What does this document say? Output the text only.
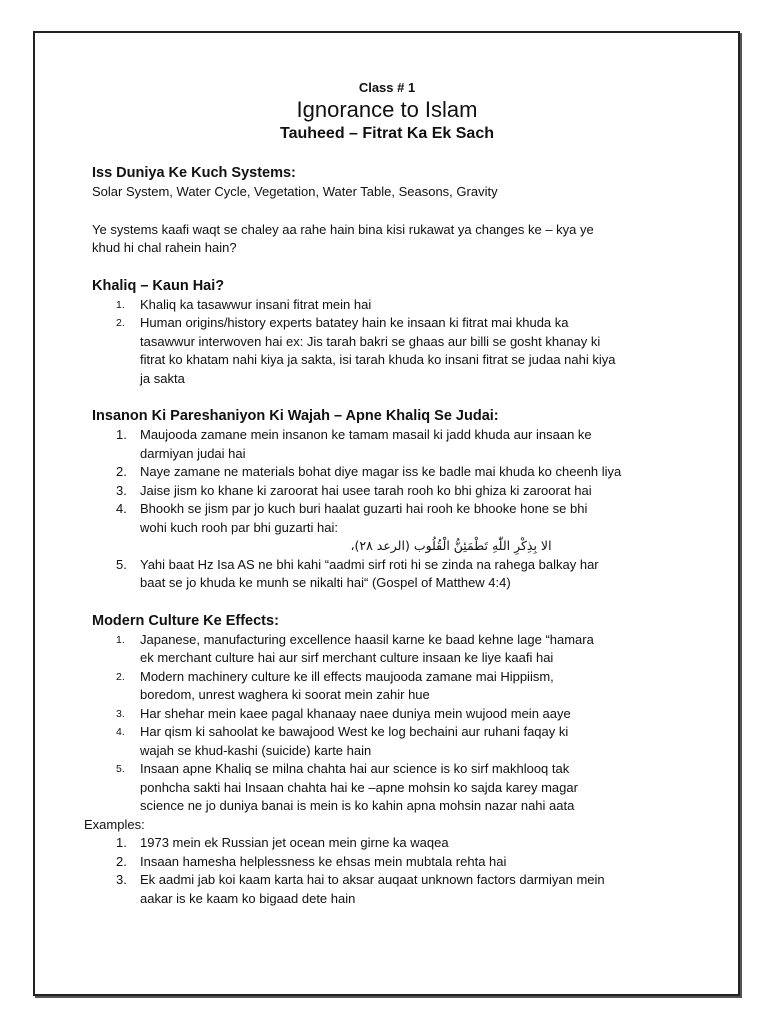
Class # 1
Ignorance to Islam
Tauheed – Fitrat Ka Ek Sach
Iss Duniya Ke Kuch Systems:
Solar System, Water Cycle, Vegetation, Water Table, Seasons, Gravity
Ye systems kaafi waqt se chaley aa rahe hain bina kisi rukawat ya changes ke – kya ye
khud hi chal rahein hain?
Khaliq – Kaun Hai?
1. Khaliq ka tasawwur insani fitrat mein hai
2. Human origins/history experts batatey hain ke insaan ki fitrat mai khuda ka
tasawwur interwoven hai ex: Jis tarah bakri se ghaas aur billi se gosht khanay ki
fitrat ko khatam nahi kiya ja sakta, isi tarah khuda ko insani fitrat se judaa nahi kiya
ja sakta
Insanon Ki Pareshaniyon Ki Wajah – Apne Khaliq Se Judai:
1. Maujooda zamane mein insanon ke tamam masail ki jadd khuda aur insaan ke
darmiyan judai hai
2. Naye zamane ne materials bohat diye magar iss ke badle mai khuda ko cheenh liya
3. Jaise jism ko khane ki zaroorat hai usee tarah rooh ko bhi ghiza ki zaroorat hai
4. Bhookh se jism par jo kuch buri haalat guzarti hai rooh ke bhooke hone se bhi
wohi kuch rooh par bhi guzarti hai:
الا بِذِكْرِ اللّٰهِ تَطْمَئِنُّ الْقُلُوب (الرعد ۲۸)،
5. Yahi baat Hz Isa AS ne bhi kahi “aadmi sirf roti hi se zinda na rahega balkay har
baat se jo khuda ke munh se nikalti hai“ (Gospel of Matthew 4:4)
Modern Culture Ke Effects:
1. Japanese, manufacturing excellence haasil karne ke baad kehne lage “hamara
ek merchant culture hai aur sirf merchant culture insaan ke liye kaafi hai
2. Modern machinery culture ke ill effects maujooda zamane mai Hippiism,
boredom, unrest waghera ki soorat mein zahir hue
3. Har shehar mein kaee pagal khanaay naee duniya mein wujood mein aaye
4. Har qism ki sahoolat ke bawajood West ke log bechaini aur ruhani faqay ki
wajah se khud-kashi (suicide) karte hain
5. Insaan apne Khaliq se milna chahta hai aur science is ko sirf makhlooq tak
ponhcha sakti hai Insaan chahta hai ke –apne mohsin ko sajda karey magar
science ne jo duniya banai is mein is ko kahin apna mohsin nazar nahi aata
Examples:
1. 1973 mein ek Russian jet ocean mein girne ka waqea
2. Insaan hamesha helplessness ke ehsas mein mubtala rehta hai
3. Ek aadmi jab koi kaam karta hai to aksar auqaat unknown factors darmiyan mein
aakar is ke kaam ko bigaad dete hain
